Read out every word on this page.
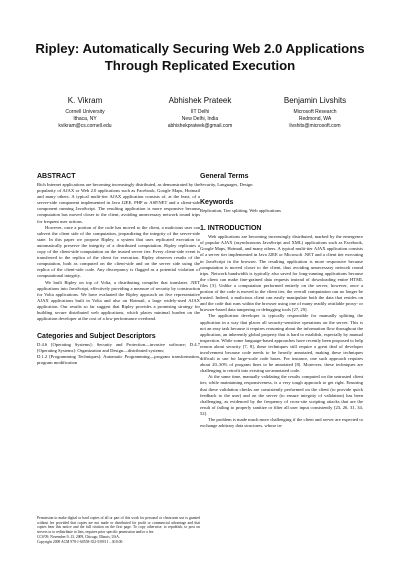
Ripley: Automatically Securing Web 2.0 Applications
Through Replicated Execution
K. Vikram
Cornell University
Ithaca, NY
kvikram@cs.cornell.edu
Abhishek Prateek
IIT Delhi
New Delhi, India
abhishekprateek@gmail.com
Benjamin Livshits
Microsoft Research
Redmond, WA
livshits@microsoft.com
ABSTRACT

Rich Internet applications are becoming increasingly distributed, as demonstrated by the popularity of AJAX or Web 2.0 applications such as Facebook, Google Maps, Hotmail and many others. A typical multi-tier AJAX application consists of, at the least, of a server-side component implemented in Java J2EE, PHP or ASP.NET and a client-side component running JavaScript. The resulting application is more responsive because computation has moved closer to the client, avoiding unnecessary network round trips for frequent user actions.

However, once a portion of the code has moved to the client, a malicious user can subvert the client side of the computation, jeopardizing the integrity of the server-side state. In this paper we propose Ripley, a system that uses replicated execution to automatically preserve the integrity of a distributed computation. Ripley replicates a copy of the client-side computation on the trusted server tier. Every client-side event is transferred to the replica of the client for execution. Ripley observes results of the computation, both as computed on the client-side and on the server side using the replica of the client-side code. Any discrepancy is flagged as a potential violation of computational integrity.

We built Ripley on top of Volta, a distributing compiler that translates .NET applications into JavaScript, effectively providing a measure of security by construction for Volta applications. We have evaluated the Ripley approach on five representative AJAX applications built in Volta and also on Hotmail, a large widely-used AJAX application. Our results so far suggest that Ripley provides a promising strategy for building secure distributed web applications, which places minimal burden on the application developer at the cost of a low performance overhead.

Categories and Subject Descriptors

D.4.6 [Operating Systems]: Security and Protection—invasive software; D.4.7 [Operating Systems]: Organization and Design—distributed systems;

D.1.2 [Programming Techniques]: Automatic Programming—program transformation, program modification

Permission to make digital or hard copies of all or part of this work for personal or classroom use is granted without fee provided that copies are not made or distributed for profit or commercial advantage and that copies bear this notice and the full citation on the first page. To copy otherwise, to republish, to post on servers or to redistribute to lists, requires prior specific permission and/or a fee.
CCS'09, November 9–13, 2009, Chicago, Illinois, USA.
Copyright 2009 ACM 978-1-60558-352-5/09/11 ...$10.00.
General Terms

Security, Languages, Design

Keywords

Replication, Tier splitting, Web applications

1. INTRODUCTION

Web applications are becoming increasingly distributed, marked by the emergence of popular AJAX (asynchronous JavaScript and XML) applications such as Facebook, Google Maps, Hotmail, and many others. A typical multi-tier AJAX application consists of a server tier implemented in Java J2EE or Microsoft .NET and a client tier executing in JavaScript in the browser. The resulting application is more responsive because computation is moved closer to the client, thus avoiding unnecessary network round trips. Network bandwidth is typically also saved for long-running applications because the client can make fine-grained data requests instead of downloading entire HTML files [3]. Unlike a computation performed entirely on the server, however, once a portion of the code is moved to the client tier, the overall computation can no longer be trusted. Indeed, a malicious client can easily manipulate both the data that resides on and the code that runs within the browser using one of many readily available proxy- or browser-based data tampering or debugging tools [27, 29].

The application developer is typically responsible for manually splitting the application in a way that places all security-sensitive operations on the server. This is not an easy task because it requires reasoning about the information flow throughout the application, an inherently global property that is hard to establish, especially by manual inspection. While some language-based approaches have recently been proposed to help reason about security [7, 8], these techniques still require a great deal of developer involvement because code needs to be heavily annotated, making these techniques difficult to use for large-scale code bases. For instance, one such approach requires about 20–30% of program lines to be annotated [8]. Moreover, these techniques are challenging to retrofit into existing un-annotated code.

At the same time, manually validating the results computed on the untrusted client tier, while maintaining responsiveness, is a very tough approach to get right. Ensuring that these validation checks are consistently performed on the client (to provide quick feedback to the user) and on the server (to ensure integrity of validation) has been challenging, as evidenced by the frequency of cross-site scripting attacks that are the result of failing to properly sanitize or filter all user input consistently [23, 26, 31, 34, 52].

The problem is made much more challenging if the client and server are expected to exchange arbitrary data structures, whose in-
